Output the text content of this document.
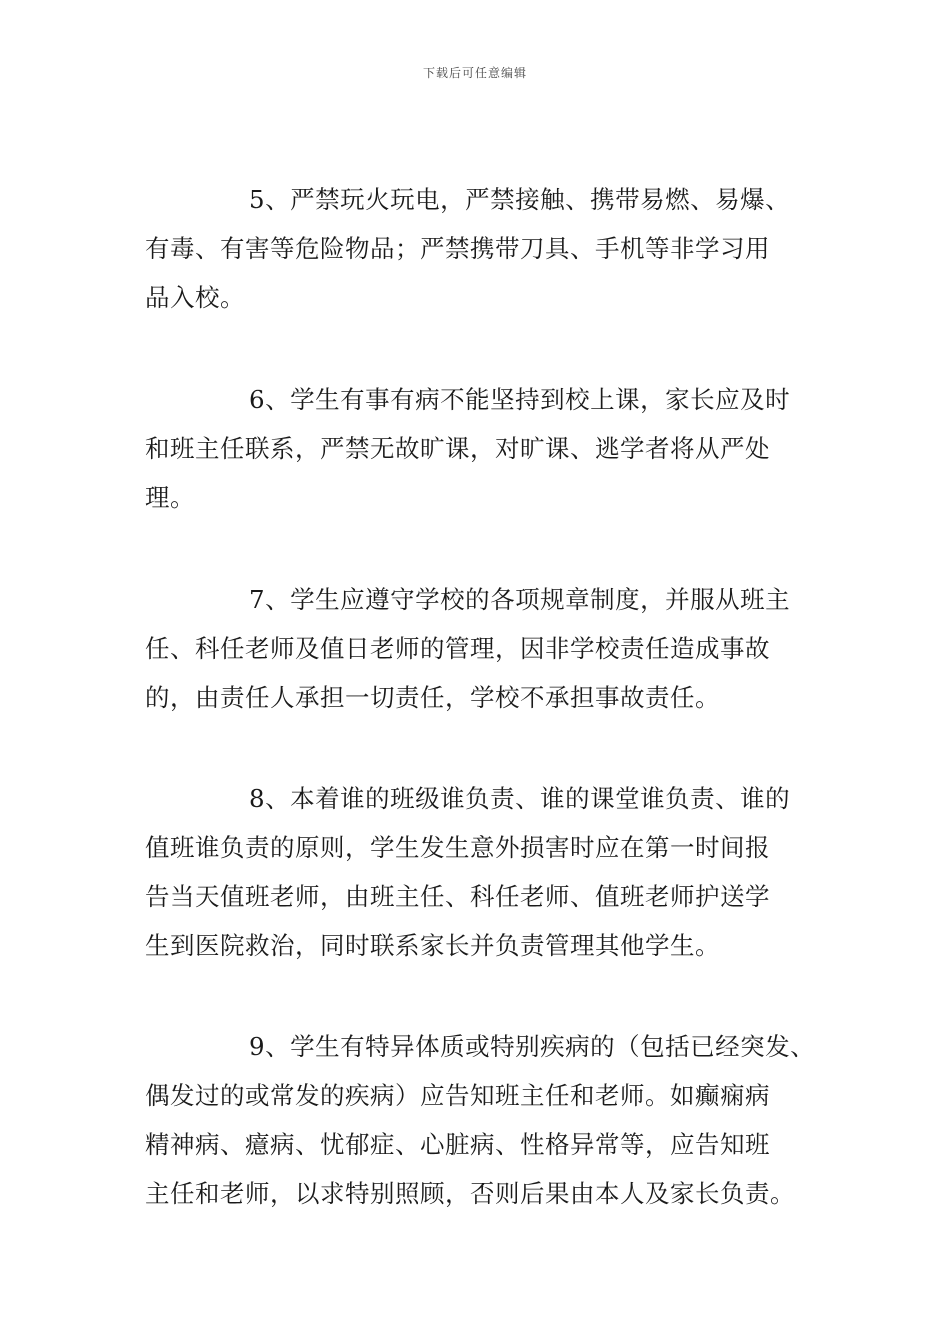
下载后可任意编辑
5、严禁玩火玩电，严禁接触、携带易燃、易爆、
有毒、有害等危险物品；严禁携带刀具、手机等非学习用
品入校。
6、学生有事有病不能坚持到校上课，家长应及时
和班主任联系，严禁无故旷课，对旷课、逃学者将从严处
理。
7、学生应遵守学校的各项规章制度，并服从班主
任、科任老师及值日老师的管理，因非学校责任造成事故
的，由责任人承担一切责任，学校不承担事故责任。
8、本着谁的班级谁负责、谁的课堂谁负责、谁的
值班谁负责的原则，学生发生意外损害时应在第一时间报
告当天值班老师，由班主任、科任老师、值班老师护送学
生到医院救治，同时联系家长并负责管理其他学生。
9、学生有特异体质或特别疾病的（包括已经突发、
偶发过的或常发的疾病）应告知班主任和老师。如癫痫病
精神病、癔病、忧郁症、心脏病、性格异常等，应告知班
主任和老师，以求特别照顾，否则后果由本人及家长负责。
